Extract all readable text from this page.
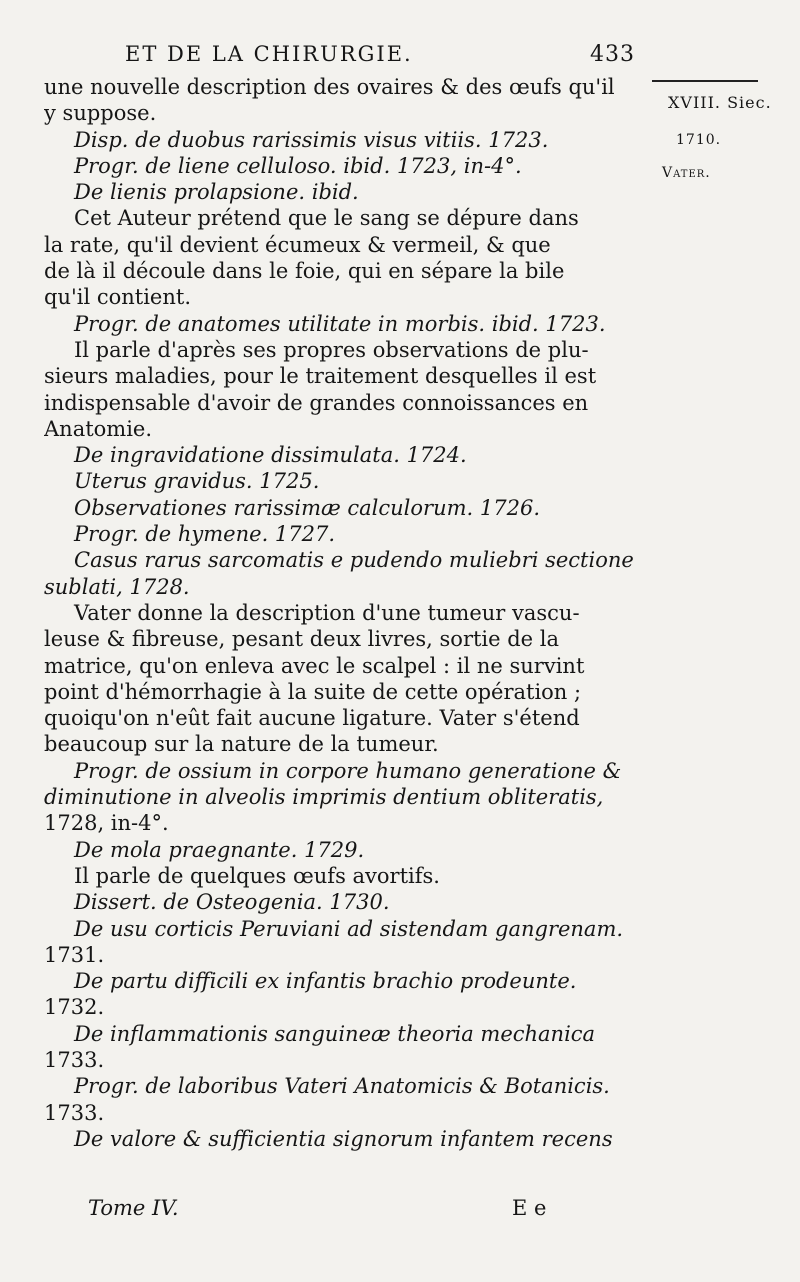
ET DE LA CHIRURGIE.	433
XVIII. Siec.
1710.
Vater.
une nouvelle description des ovaires & des œufs qu'il
y suppose.
Disp. de duobus rarissimis visus vitiis. 1723.
Progr. de liene celluloso. ibid. 1723, in-4°.
De lienis prolapsione. ibid.
Cet Auteur prétend que le sang se dépure dans
la rate, qu'il devient écumeux & vermeil, & que
de là il découle dans le foie, qui en sépare la bile
qu'il contient.
Progr. de anatomes utilitate in morbis. ibid. 1723.
Il parle d'après ses propres observations de plu-
sieurs maladies, pour le traitement desquelles il est
indispensable d'avoir de grandes connoissances en
Anatomie.
De ingravidatione dissimulata. 1724.
Uterus gravidus. 1725.
Observationes rarissimæ calculorum. 1726.
Progr. de hymene. 1727.
Casus rarus sarcomatis e pudendo muliebri sectione
sublati, 1728.
Vater donne la description d'une tumeur vascu-
leuse & fibreuse, pesant deux livres, sortie de la
matrice, qu'on enleva avec le scalpel : il ne survint
point d'hémorrhagie à la suite de cette opération ;
quoiqu'on n'eût fait aucune ligature. Vater s'étend
beaucoup sur la nature de la tumeur.
Progr. de ossium in corpore humano generatione &
diminutione in alveolis imprimis dentium obliteratis,
1728, in-4°.
De mola praegnante. 1729.
Il parle de quelques œufs avortifs.
Dissert. de Osteogenia. 1730.
De usu corticis Peruviani ad sistendam gangrenam.
1731.
De partu difficili ex infantis brachio prodeunte.
1732.
De inflammationis sanguineæ theoria mechanica
1733.
Progr. de laboribus Vateri Anatomicis & Botanicis.
1733.
De valore & sufficientia signorum infantem recens
Tome IV.	E e
